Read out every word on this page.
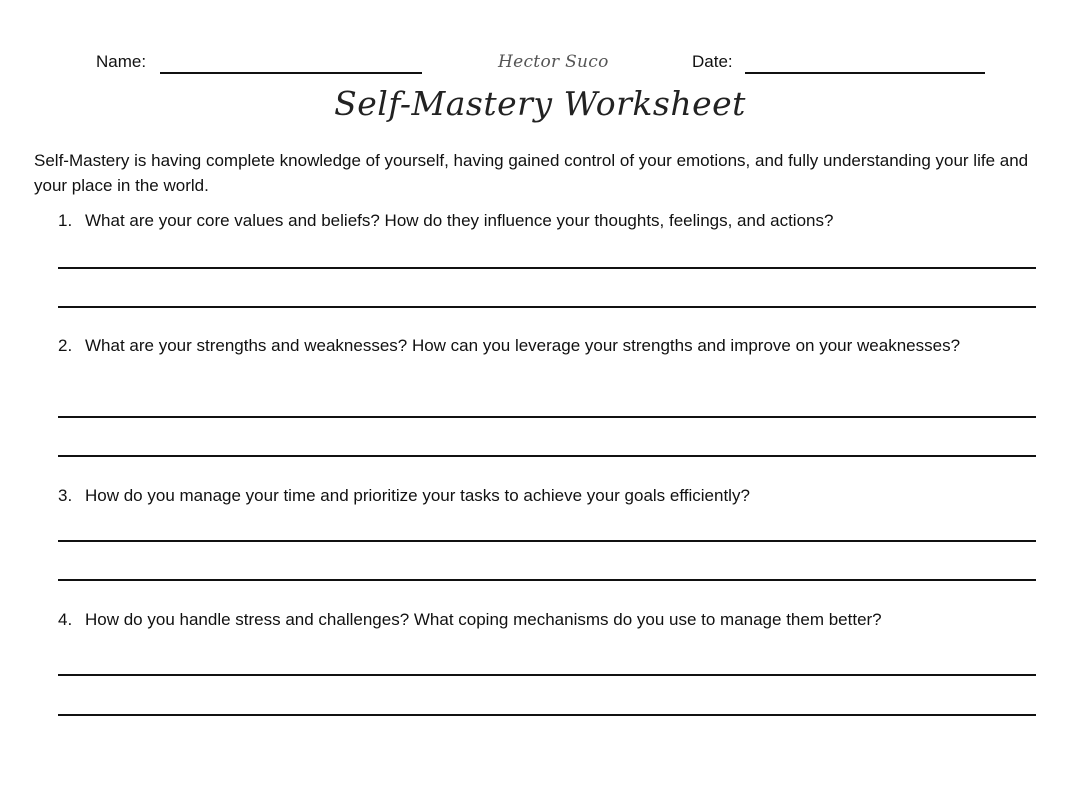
Name:	Hector Suco	Date:
Self-Mastery Worksheet
Self-Mastery is having complete knowledge of yourself, having gained control of your emotions, and fully understanding your life and your place in the world.
1. What are your core values and beliefs? How do they influence your thoughts, feelings, and actions?
2. What are your strengths and weaknesses? How can you leverage your strengths and improve on your weaknesses?
3. How do you manage your time and prioritize your tasks to achieve your goals efficiently?
4. How do you handle stress and challenges? What coping mechanisms do you use to manage them better?
